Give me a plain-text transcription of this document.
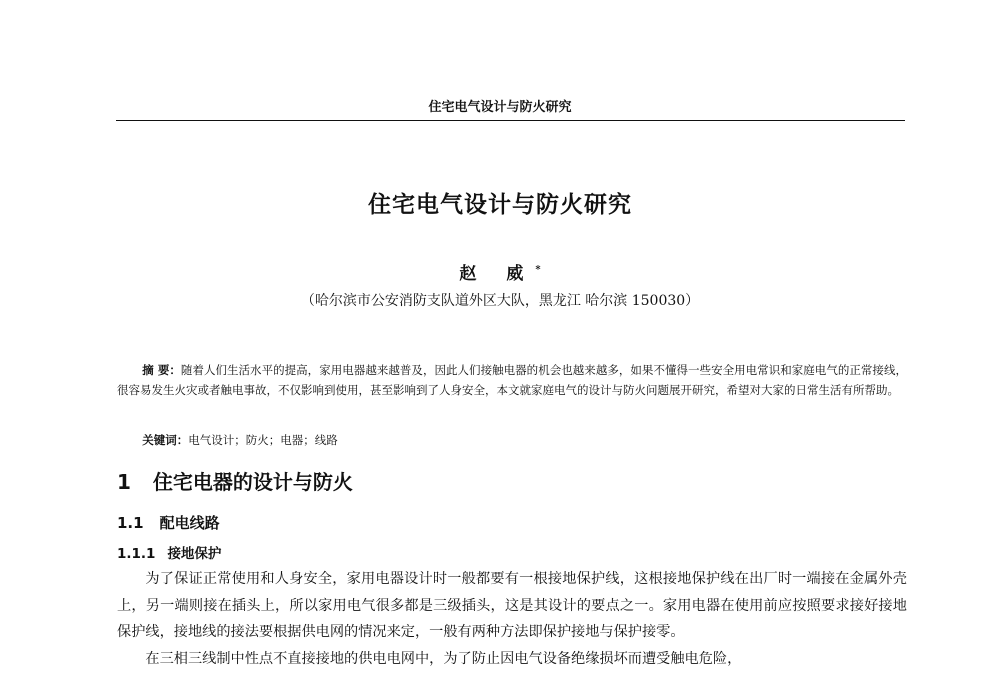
住宅电气设计与防火研究
住宅电气设计与防火研究
赵 威*
（哈尔滨市公安消防支队道外区大队，黑龙江 哈尔滨 150030）
摘 要：随着人们生活水平的提高，家用电器越来越普及，因此人们接触电器的机会也越来越多，如果不懂得一些安全用电常识和家庭电气的正常接线，很容易发生火灾或者触电事故，不仅影响到使用，甚至影响到了人身安全，本文就家庭电气的设计与防火问题展开研究，希望对大家的日常生活有所帮助。
关键词：电气设计；防火；电器；线路
1 住宅电器的设计与防火
1.1 配电线路
1.1.1 接地保护

为了保证正常使用和人身安全，家用电器设计时一般都要有一根接地保护线，这根接地保护线在出厂时一端接在金属外壳上，另一端则接在插头上，所以家用电气很多都是三级插头，这是其设计的要点之一。家用电器在使用前应按照要求接好接地保护线，接地线的接法要根据供电网的情况来定，一般有两种方法即保护接地与保护接零。

在三相三线制中性点不直接接地的供电电网中，为了防止因电气设备绝缘损坏而遭受触电危险，
